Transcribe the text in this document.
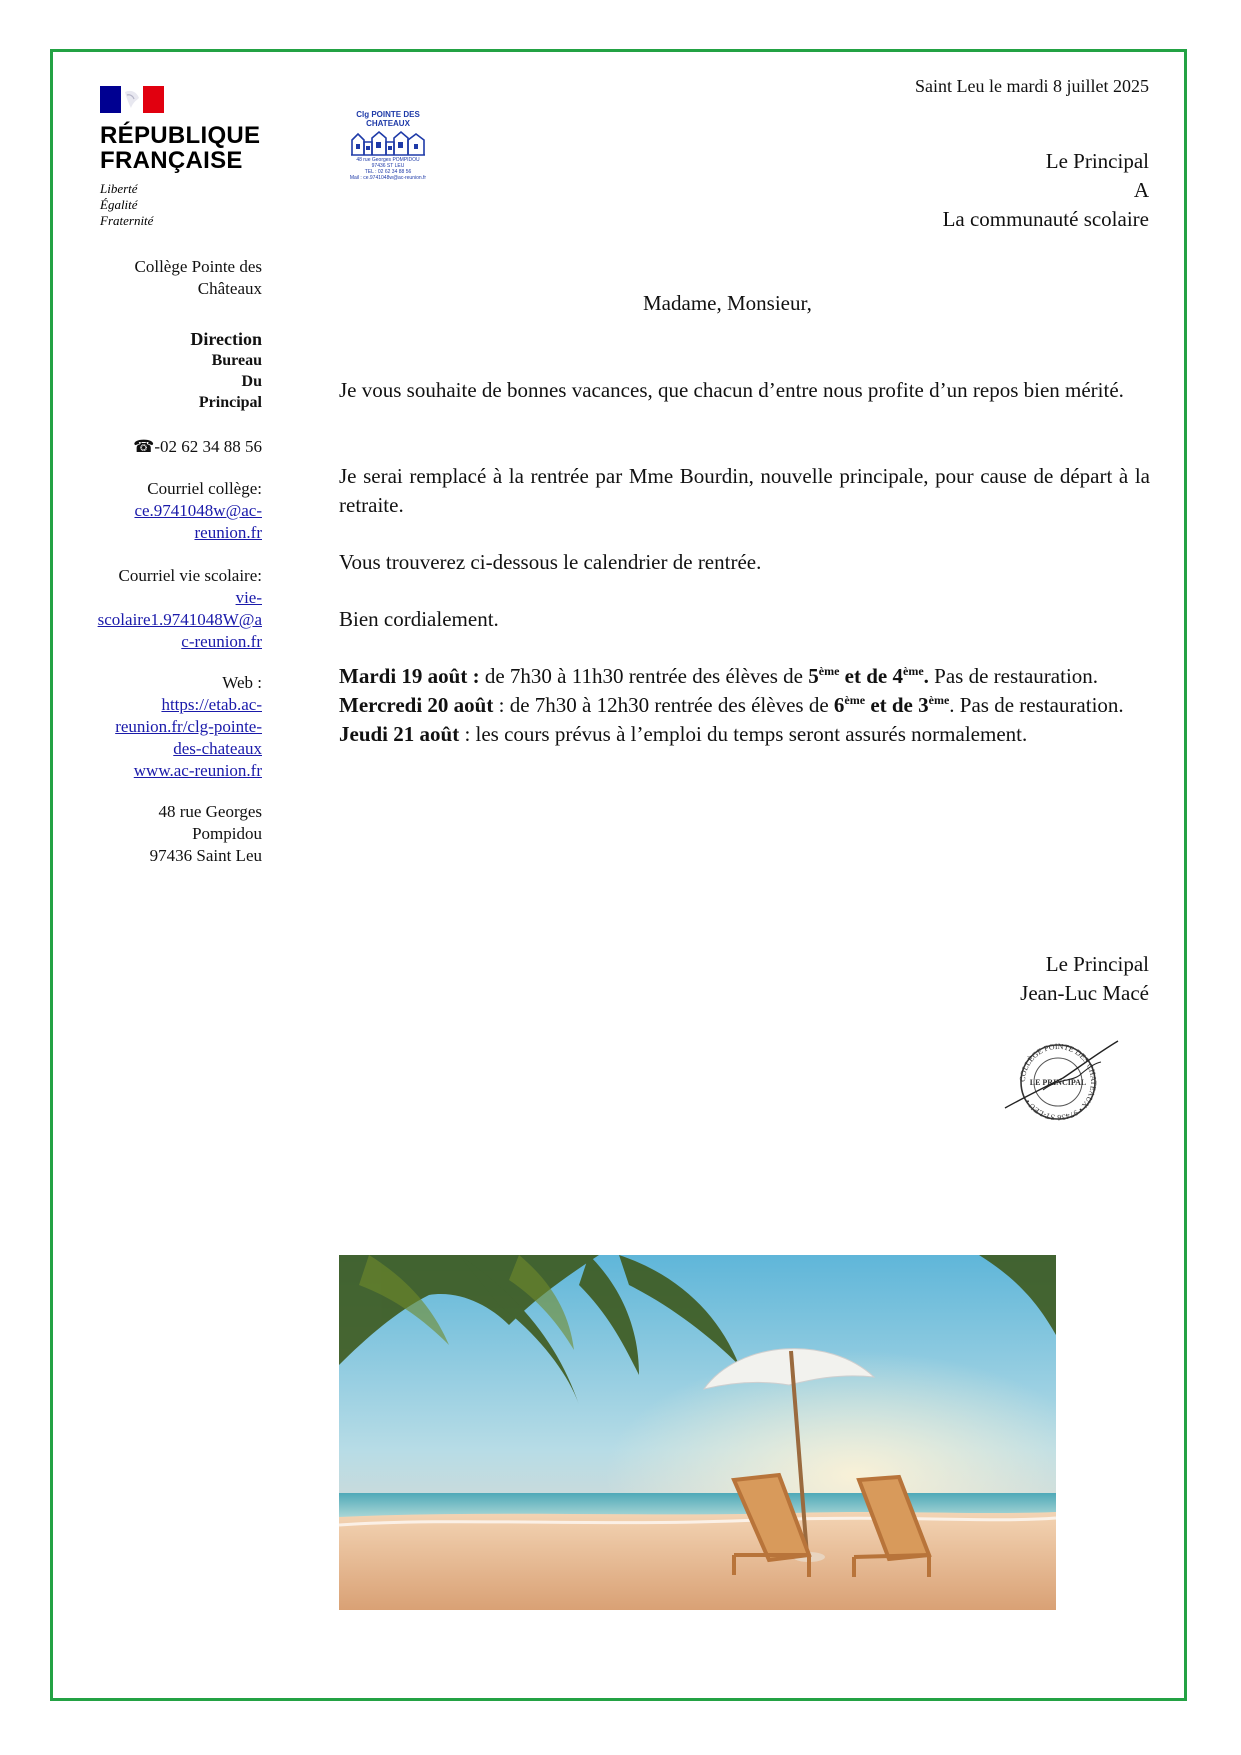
RÉPUBLIQUE
FRANÇAISE
Liberté
Égalité
Fraternité
Clg POINTE DES CHATEAUX
48 rue Georges POMPIDOU
97436 ST LEU
TEL : 02 62 34 88 56
Mail : ce.9741048w@ac-reunion.fr
Saint Leu le mardi 8 juillet 2025
Le Principal
A
La communauté scolaire
Collège Pointe des
Châteaux
Direction
Bureau
Du
Principal
☎-02 62 34 88 56
Courriel collège:
ce.9741048w@ac-
reunion.fr
Courriel vie scolaire:
vie-
scolaire1.9741048W@a
c-reunion.fr
Web :
https://etab.ac-
reunion.fr/clg-pointe-
des-chateaux
www.ac-reunion.fr
48 rue Georges
Pompidou
97436 Saint Leu
Madame, Monsieur,

Je vous souhaite de bonnes vacances, que chacun d’entre nous profite d’un repos bien mérité.

Je serai remplacé à la rentrée par Mme Bourdin, nouvelle principale, pour cause de départ à la retraite.

Vous trouverez ci-dessous le calendrier de rentrée.

Bien cordialement.

Mardi 19 août : de 7h30 à 11h30 rentrée des élèves de 5ème et de 4ème. Pas de restauration.

Mercredi 20 août : de 7h30 à 12h30 rentrée des élèves de 6ème et de 3ème. Pas de restauration.

Jeudi 21 août : les cours prévus à l’emploi du temps seront assurés normalement.

Le Principal
Jean-Luc Macé
COLLÈGE POINTE DES CHATEAUX • 97436 ST-LEU •
LE PRINCIPAL
